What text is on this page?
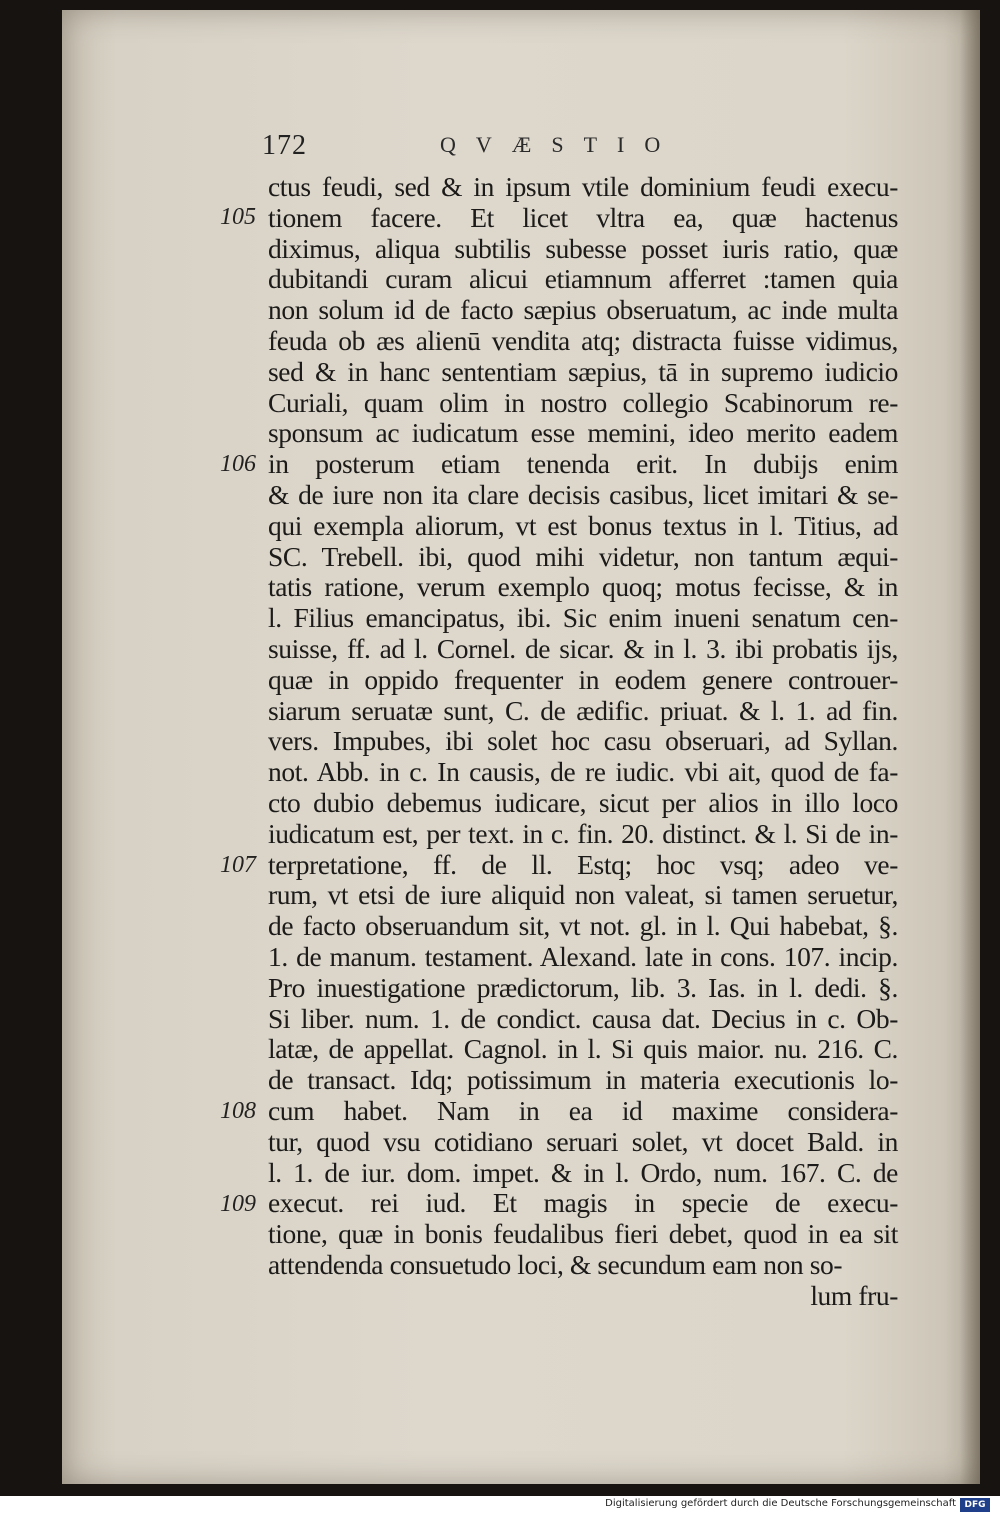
172	QVÆSTIO
105
106
107
108
109
ctus feudi, sed & in ipsum vtile dominium feudi execu-
tionem facere. Et licet vltra ea, quæ hactenus
diximus, aliqua subtilis subesse posset iuris ratio, quæ
dubitandi curam alicui etiamnum afferret :tamen quia
non solum id de facto sæpius obseruatum, ac inde multa
feuda ob æs alienū vendita atq; distracta fuisse vidimus,
sed & in hanc sententiam sæpius, tā in supremo iudicio
Curiali, quam olim in nostro collegio Scabinorum re-
sponsum ac iudicatum esse memini, ideo merito eadem
in posterum etiam tenenda erit. In dubijs enim
& de iure non ita clare decisis casibus, licet imitari & se-
qui exempla aliorum, vt est bonus textus in l. Titius, ad
SC. Trebell. ibi, quod mihi videtur, non tantum æqui-
tatis ratione, verum exemplo quoq; motus fecisse, & in
l. Filius emancipatus, ibi. Sic enim inueni senatum cen-
suisse, ff. ad l. Cornel. de sicar. & in l. 3. ibi probatis ijs,
quæ in oppido frequenter in eodem genere controuer-
siarum seruatæ sunt, C. de ædific. priuat. & l. 1. ad fin.
vers. Impubes, ibi solet hoc casu obseruari, ad Syllan.
not. Abb. in c. In causis, de re iudic. vbi ait, quod de fa-
cto dubio debemus iudicare, sicut per alios in illo loco
iudicatum est, per text. in c. fin. 20. distinct. & l. Si de in-
terpretatione, ff. de ll. Estq; hoc vsq; adeo ve-
rum, vt etsi de iure aliquid non valeat, si tamen seruetur,
de facto obseruandum sit, vt not. gl. in l. Qui habebat, §.
1. de manum. testament. Alexand. late in cons. 107. incip.
Pro inuestigatione prædictorum, lib. 3. Ias. in l. dedi. §.
Si liber. num. 1. de condict. causa dat. Decius in c. Ob-
latæ, de appellat. Cagnol. in l. Si quis maior. nu. 216. C.
de transact. Idq; potissimum in materia executionis lo-
cum habet. Nam in ea id maxime considera-
tur, quod vsu cotidiano seruari solet, vt docet Bald. in
l. 1. de iur. dom. impet. & in l. Ordo, num. 167. C. de
execut. rei iud. Et magis in specie de execu-
tione, quæ in bonis feudalibus fieri debet, quod in ea sit
attendenda consuetudo loci, & secundum eam non so-
lum fru-
Digitalisierung gefördert durch die Deutsche Forschungsgemeinschaft DFG
